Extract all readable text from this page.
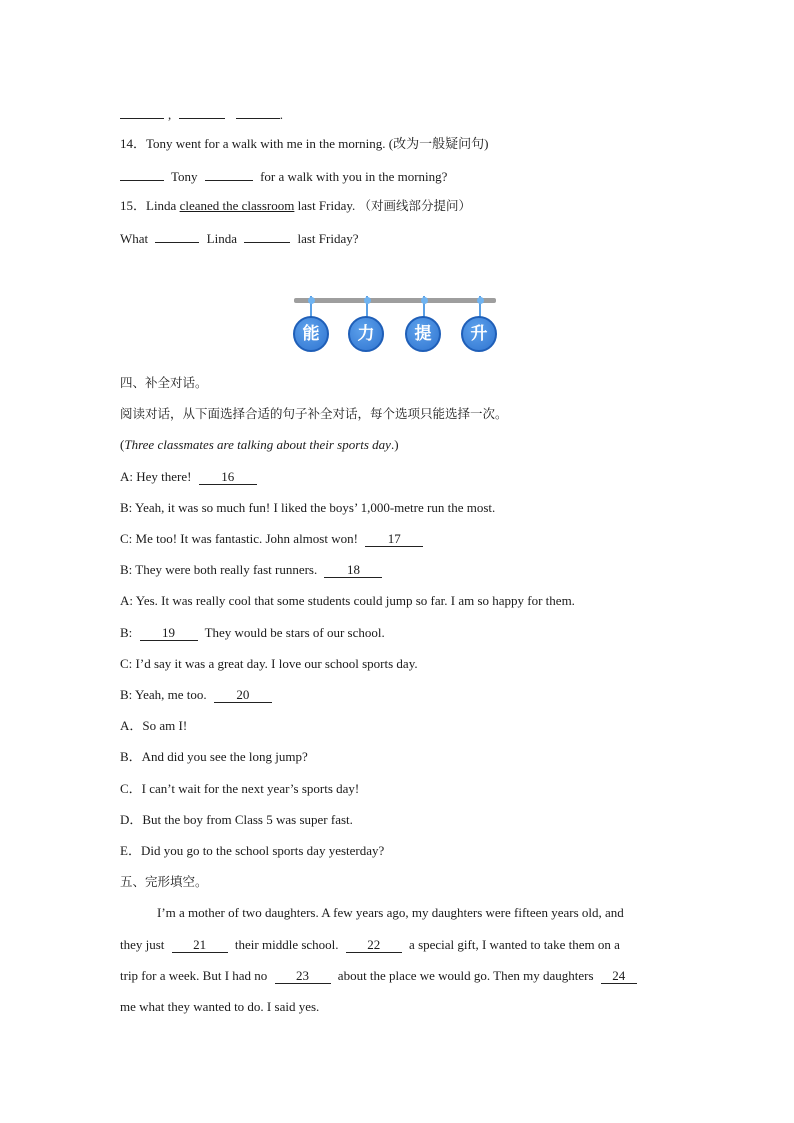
,	.
14．Tony went for a walk with me in the morning. (改为一般疑问句)
Tony	for a walk with you in the morning?
15．Linda cleaned the classroom last Friday. （对画线部分提问）
What	Linda	last Friday?
能	力	提	升
四、补全对话。
阅读对话，从下面选择合适的句子补全对话，每个选项只能选择一次。
(Three classmates are talking about their sports day.)
A: Hey there! 16
B: Yeah, it was so much fun! I liked the boys’ 1,000-metre run the most.
C: Me too! It was fantastic. John almost won! 17
B: They were both really fast runners. 18
A: Yes. It was really cool that some students could jump so far. I am so happy for them.
B: 19 They would be stars of our school.
C: I’d say it was a great day. I love our school sports day.
B: Yeah, me too. 20
A．So am I!
B．And did you see the long jump?
C．I can’t wait for the next year’s sports day!
D．But the boy from Class 5 was super fast.
E．Did you go to the school sports day yesterday?
五、完形填空。
I’m a mother of two daughters. A few years ago, my daughters were fifteen years old, and
they just 21 their middle school. 22 a special gift, I wanted to take them on a
trip for a week. But I had no 23 about the place we would go. Then my daughters 24
me what they wanted to do. I said yes.
